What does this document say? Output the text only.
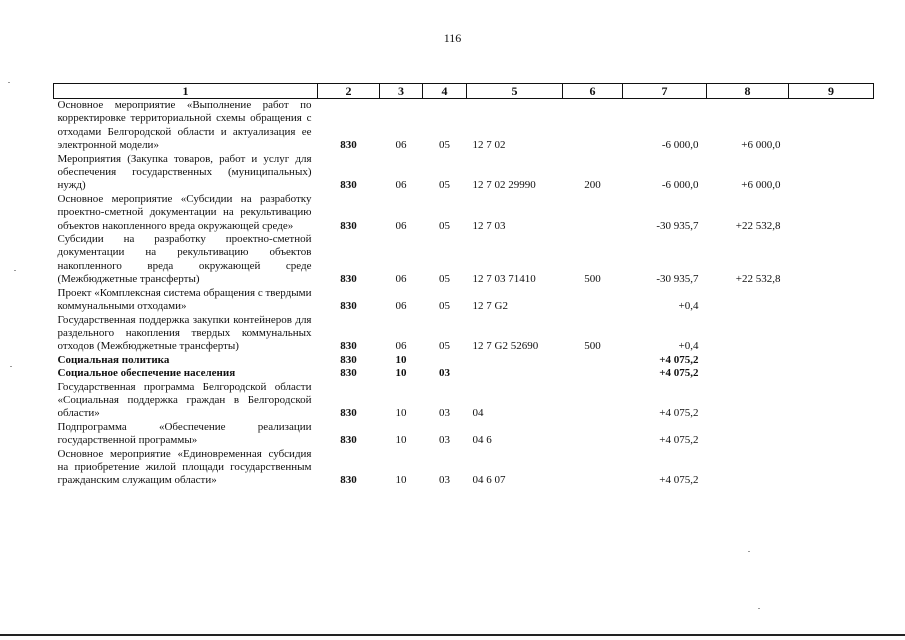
116
1	2	3	4	5	6	7	8	9
Основное мероприятие «Выполнение работ по корректировке территориальной схемы обращения с отходами Белгородской области и актуализация ее электронной модели»	830	06	05	12 7 02		-6 000,0	+6 000,0	
Мероприятия (Закупка товаров, работ и услуг для обеспечения государственных (муниципальных) нужд)	830	06	05	12 7 02 29990	200	-6 000,0	+6 000,0	
Основное мероприятие «Субсидии на разработку проектно-сметной документации на рекультивацию объектов накопленного вреда окружающей среде»	830	06	05	12 7 03		-30 935,7	+22 532,8	
Субсидии на разработку проектно-сметной документации на рекультивацию объектов накопленного вреда окружающей среде (Межбюджетные трансферты)	830	06	05	12 7 03 71410	500	-30 935,7	+22 532,8	
Проект «Комплексная система обращения с твердыми коммунальными отходами»	830	06	05	12 7 G2		+0,4		
Государственная поддержка закупки контейнеров для раздельного накопления твердых коммунальных отходов (Межбюджетные трансферты)	830	06	05	12 7 G2 52690	500	+0,4		
Социальная политика	830	10				+4 075,2		
Социальное обеспечение населения	830	10	03			+4 075,2		
Государственная программа Белгородской области «Социальная поддержка граждан в Белгородской области»	830	10	03	04		+4 075,2		
Подпрограмма «Обеспечение реализации государственной программы»	830	10	03	04 6		+4 075,2		
Основное мероприятие «Единовременная субсидия на приобретение жилой площади государственным гражданским служащим области»	830	10	03	04 6 07		+4 075,2		
